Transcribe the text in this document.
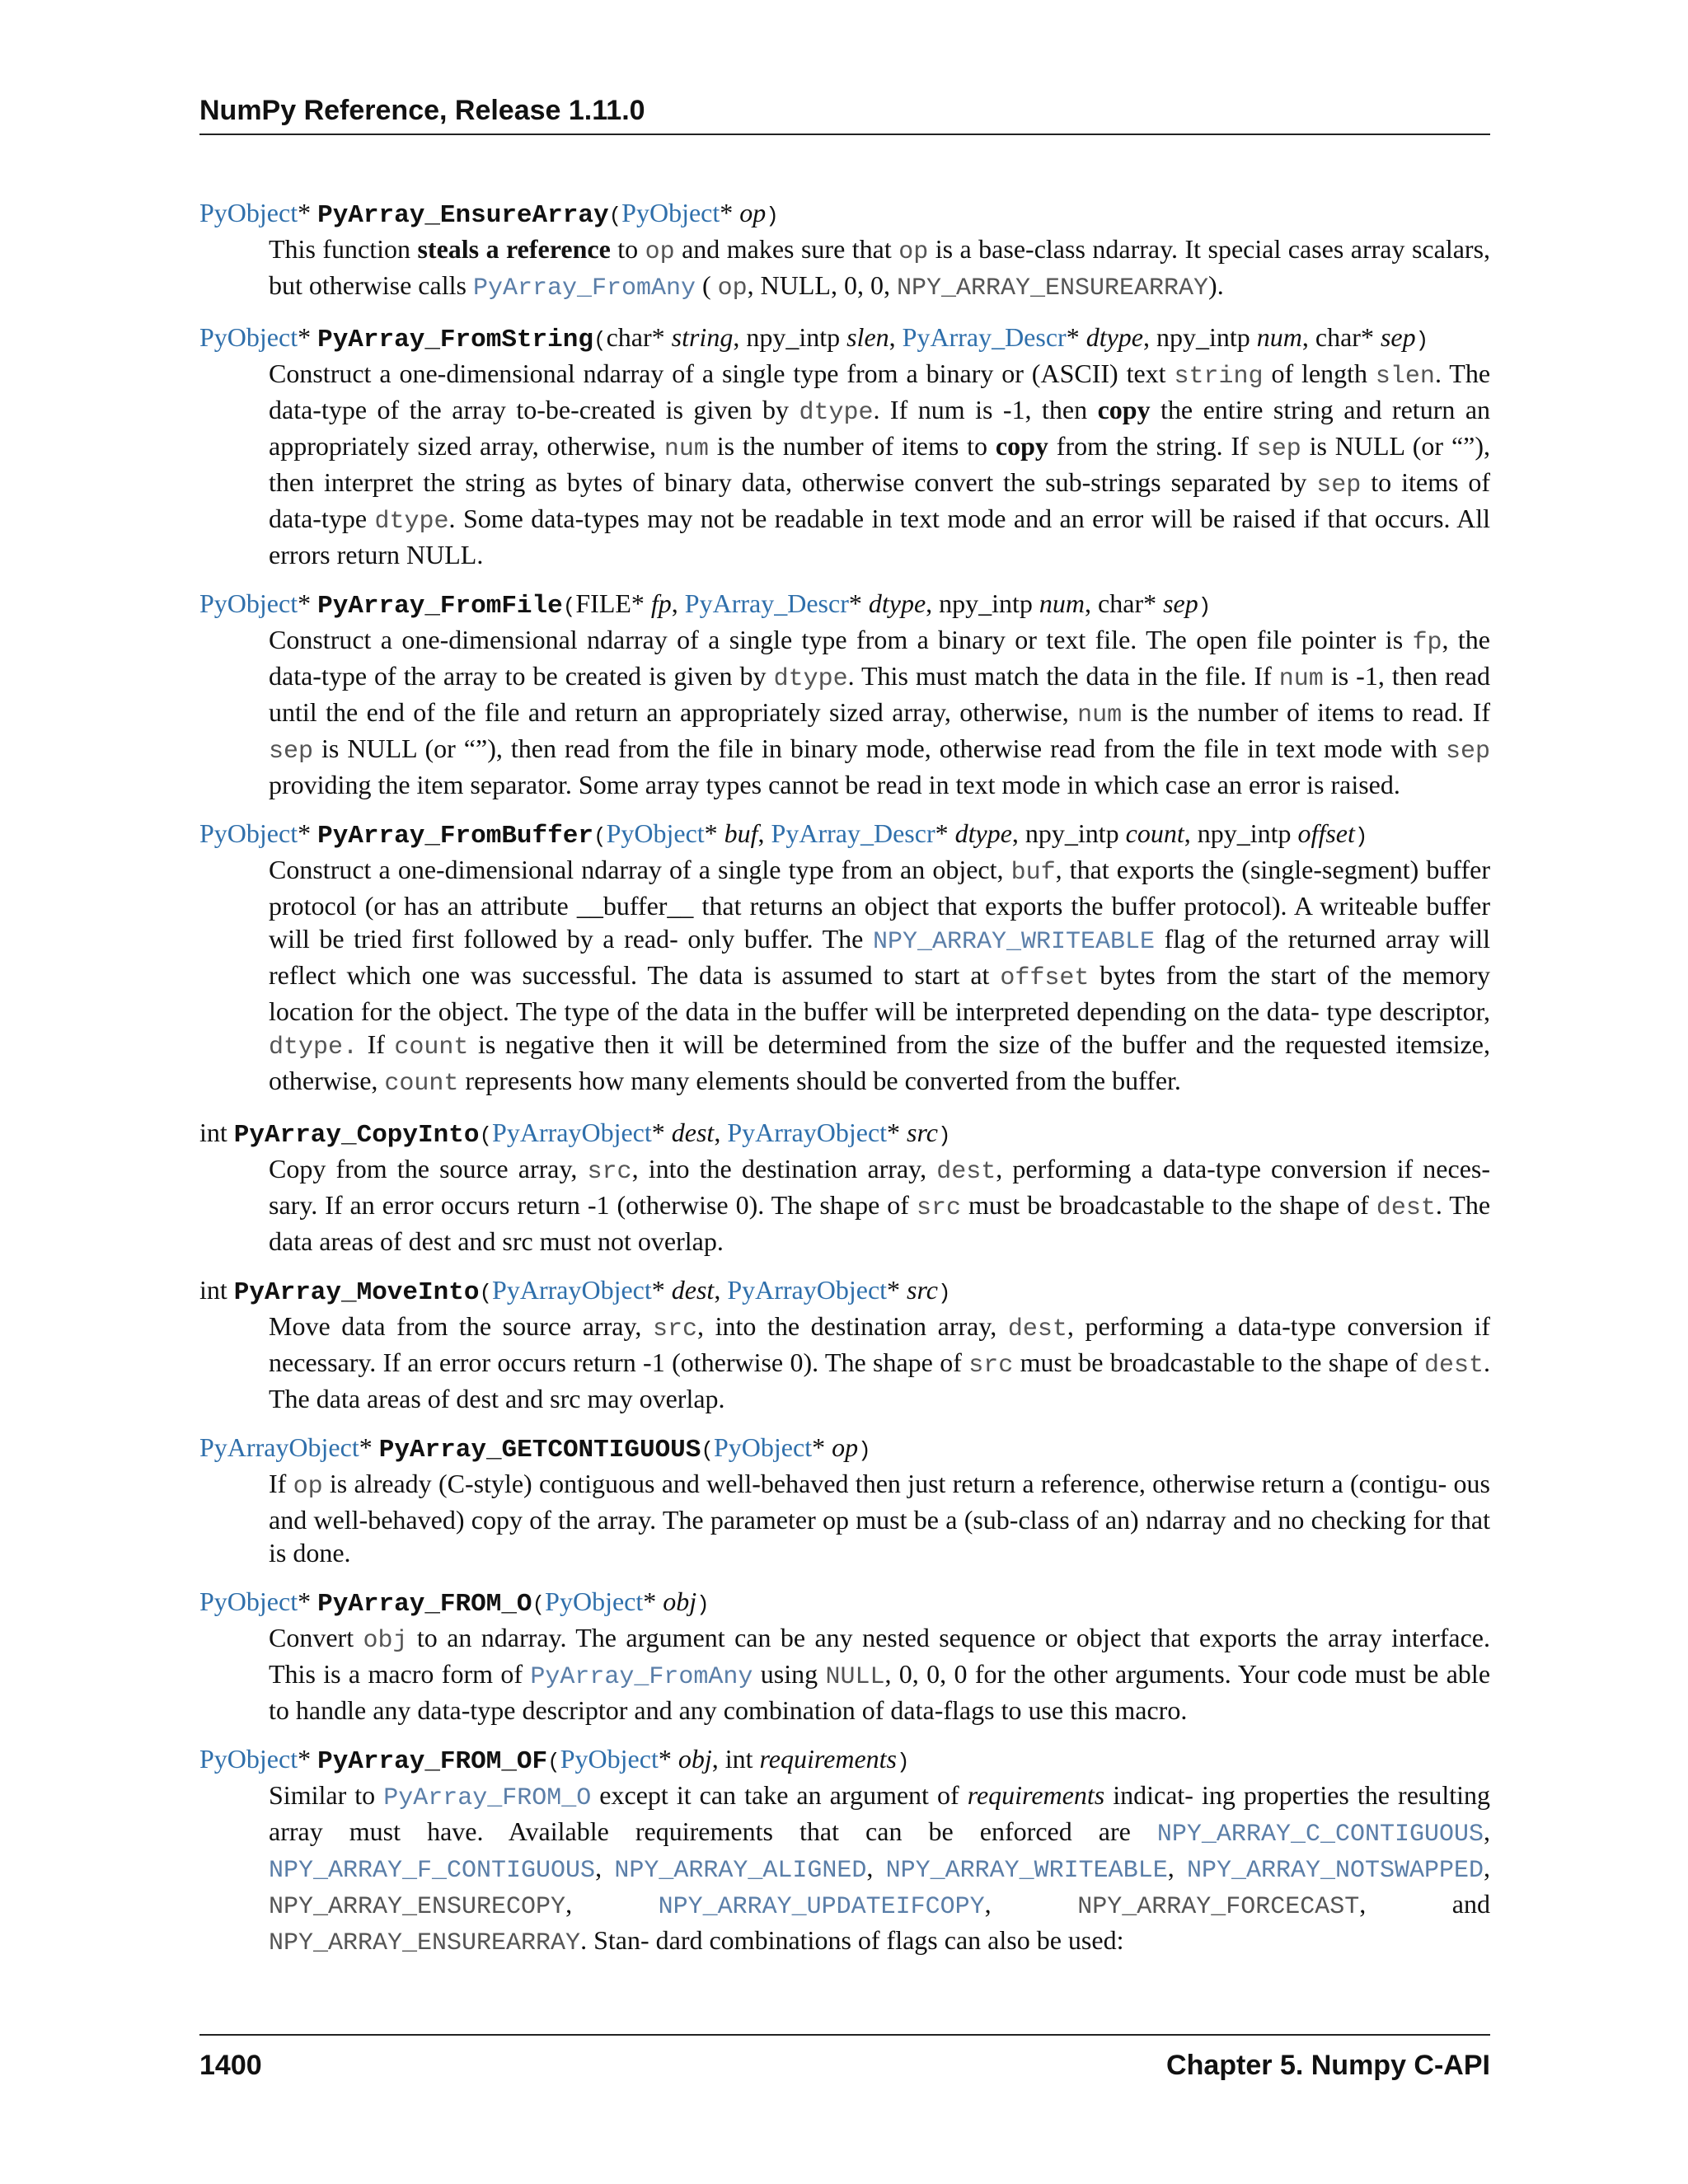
NumPy Reference, Release 1.11.0
PyObject* PyArray_EnsureArray(PyObject* op)
This function steals a reference to op and makes sure that op is a base-class ndarray. It special cases array scalars, but otherwise calls PyArray_FromAny ( op, NULL, 0, 0, NPY_ARRAY_ENSUREARRAY).
PyObject* PyArray_FromString(char* string, npy_intp slen, PyArray_Descr* dtype, npy_intp num, char* sep)
Construct a one-dimensional ndarray of a single type from a binary or (ASCII) text string of length slen. The data-type of the array to-be-created is given by dtype. If num is -1, then copy the entire string and return an appropriately sized array, otherwise, num is the number of items to copy from the string. If sep is NULL (or “”), then interpret the string as bytes of binary data, otherwise convert the sub-strings separated by sep to items of data-type dtype. Some data-types may not be readable in text mode and an error will be raised if that occurs. All errors return NULL.
PyObject* PyArray_FromFile(FILE* fp, PyArray_Descr* dtype, npy_intp num, char* sep)
Construct a one-dimensional ndarray of a single type from a binary or text file. The open file pointer is fp, the data-type of the array to be created is given by dtype. This must match the data in the file. If num is -1, then read until the end of the file and return an appropriately sized array, otherwise, num is the number of items to read. If sep is NULL (or “”), then read from the file in binary mode, otherwise read from the file in text mode with sep providing the item separator. Some array types cannot be read in text mode in which case an error is raised.
PyObject* PyArray_FromBuffer(PyObject* buf, PyArray_Descr* dtype, npy_intp count, npy_intp offset)
Construct a one-dimensional ndarray of a single type from an object, buf, that exports the (single-segment) buffer protocol (or has an attribute __buffer__ that returns an object that exports the buffer protocol). A writeable buffer will be tried first followed by a read- only buffer. The NPY_ARRAY_WRITEABLE flag of the returned array will reflect which one was successful. The data is assumed to start at offset bytes from the start of the memory location for the object. The type of the data in the buffer will be interpreted depending on the data- type descriptor, dtype. If count is negative then it will be determined from the size of the buffer and the requested itemsize, otherwise, count represents how many elements should be converted from the buffer.
int PyArray_CopyInto(PyArrayObject* dest, PyArrayObject* src)
Copy from the source array, src, into the destination array, dest, performing a data-type conversion if neces- sary. If an error occurs return -1 (otherwise 0). The shape of src must be broadcastable to the shape of dest. The data areas of dest and src must not overlap.
int PyArray_MoveInto(PyArrayObject* dest, PyArrayObject* src)
Move data from the source array, src, into the destination array, dest, performing a data-type conversion if necessary. If an error occurs return -1 (otherwise 0). The shape of src must be broadcastable to the shape of dest. The data areas of dest and src may overlap.
PyArrayObject* PyArray_GETCONTIGUOUS(PyObject* op)
If op is already (C-style) contiguous and well-behaved then just return a reference, otherwise return a (contigu- ous and well-behaved) copy of the array. The parameter op must be a (sub-class of an) ndarray and no checking for that is done.
PyObject* PyArray_FROM_O(PyObject* obj)
Convert obj to an ndarray. The argument can be any nested sequence or object that exports the array interface. This is a macro form of PyArray_FromAny using NULL, 0, 0, 0 for the other arguments. Your code must be able to handle any data-type descriptor and any combination of data-flags to use this macro.
PyObject* PyArray_FROM_OF(PyObject* obj, int requirements)
Similar to PyArray_FROM_O except it can take an argument of requirements indicat- ing properties the resulting array must have. Available requirements that can be enforced are NPY_ARRAY_C_CONTIGUOUS, NPY_ARRAY_F_CONTIGUOUS, NPY_ARRAY_ALIGNED, NPY_ARRAY_WRITEABLE, NPY_ARRAY_NOTSWAPPED, NPY_ARRAY_ENSURECOPY, NPY_ARRAY_UPDATEIFCOPY, NPY_ARRAY_FORCECAST, and NPY_ARRAY_ENSUREARRAY. Stan- dard combinations of flags can also be used:
1400	Chapter 5. Numpy C-API
